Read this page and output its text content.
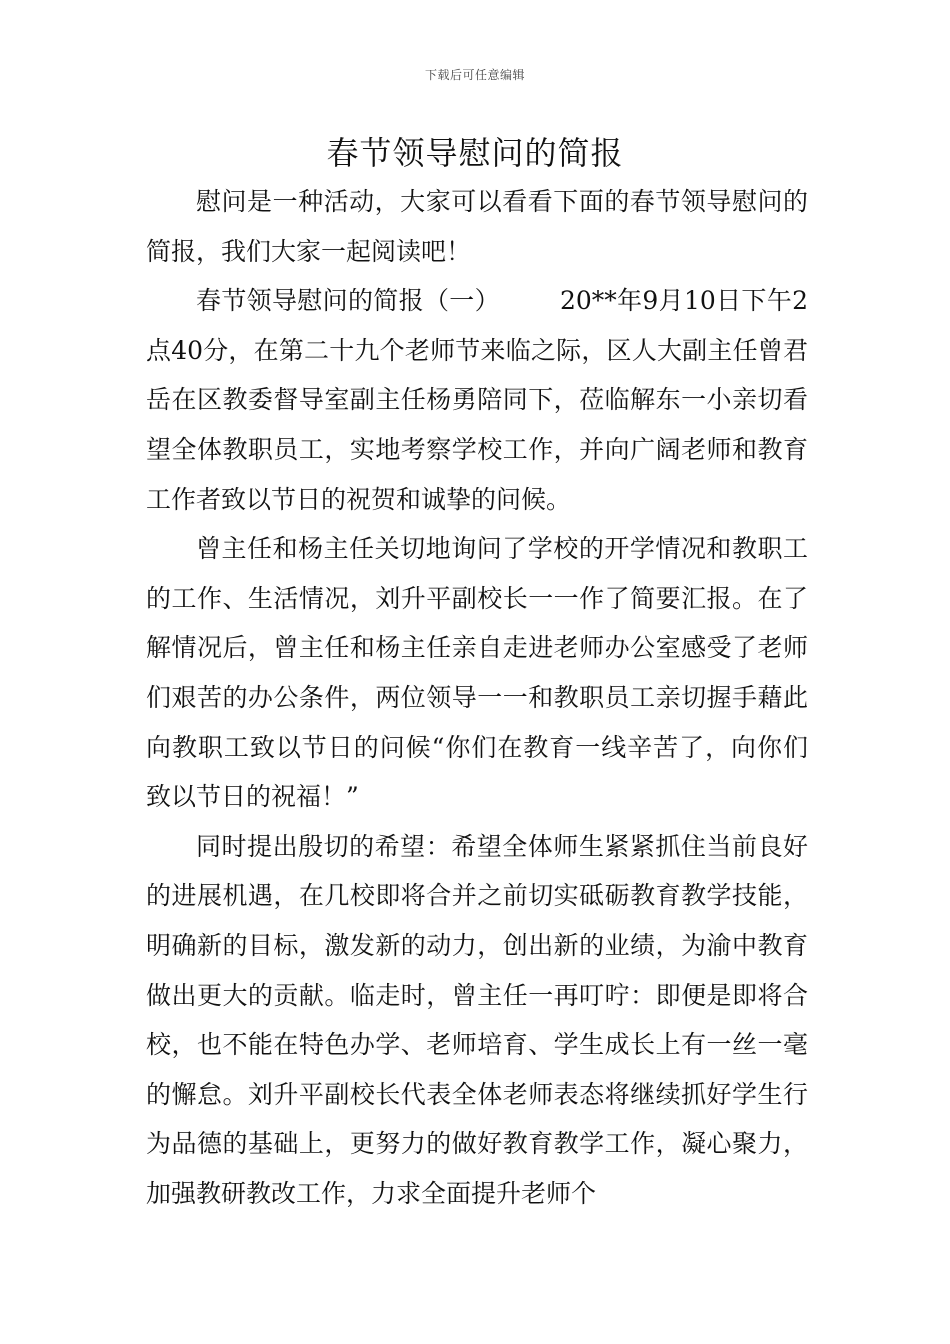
下载后可任意编辑
春节领导慰问的简报

慰问是一种活动，大家可以看看下面的春节领导慰问的简报，我们大家一起阅读吧！

春节领导慰问的简报（一） 20**年9月10日下午2点40分，在第二十九个老师节来临之际，区人大副主任曾君岳在区教委督导室副主任杨勇陪同下，莅临解东一小亲切看望全体教职员工，实地考察学校工作，并向广阔老师和教育工作者致以节日的祝贺和诚挚的问候。

曾主任和杨主任关切地询问了学校的开学情况和教职工的工作、生活情况，刘升平副校长一一作了简要汇报。在了解情况后，曾主任和杨主任亲自走进老师办公室感受了老师们艰苦的办公条件，两位领导一一和教职员工亲切握手藉此向教职工致以节日的问候“你们在教育一线辛苦了，向你们致以节日的祝福！”

同时提出殷切的希望：希望全体师生紧紧抓住当前良好的进展机遇，在几校即将合并之前切实砥砺教育教学技能，明确新的目标，激发新的动力，创出新的业绩，为渝中教育做出更大的贡献。临走时，曾主任一再叮咛：即便是即将合校，也不能在特色办学、老师培育、学生成长上有一丝一毫的懈怠。刘升平副校长代表全体老师表态将继续抓好学生行为品德的基础上，更努力的做好教育教学工作，凝心聚力，加强教研教改工作，力求全面提升老师个
